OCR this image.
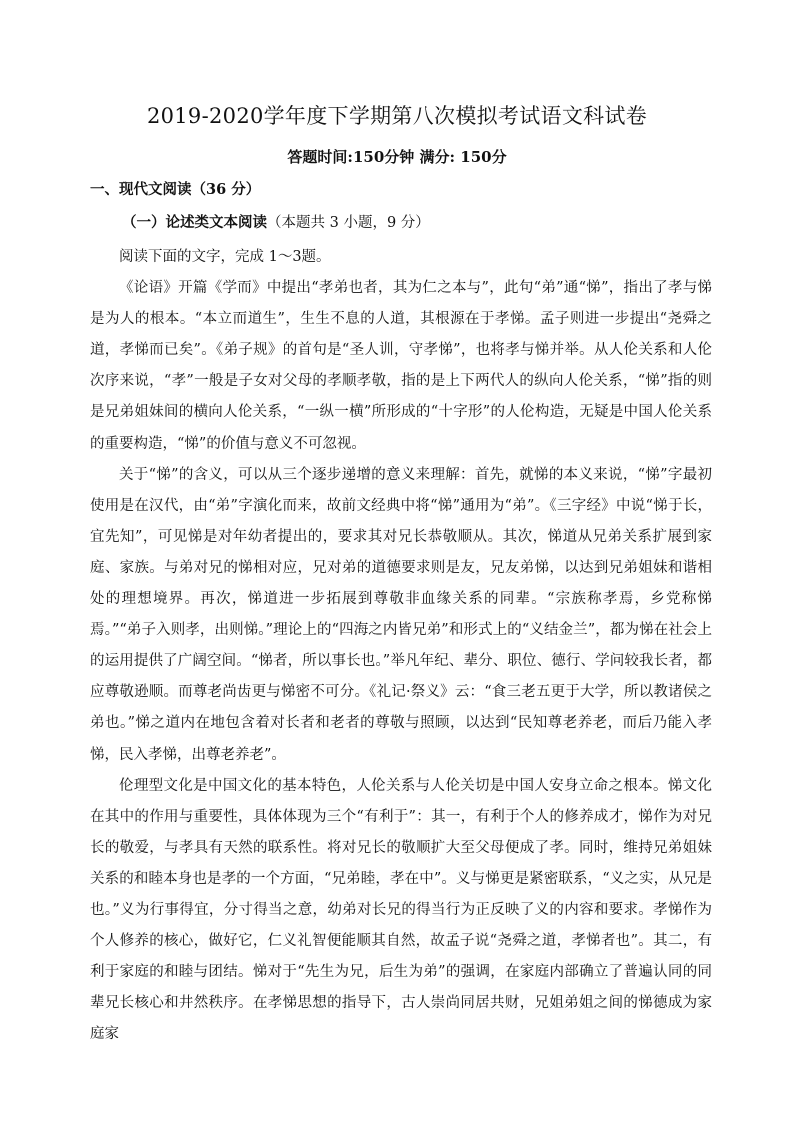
2019-2020学年度下学期第八次模拟考试语文科试卷
答题时间:150分钟 满分: 150分
一、现代文阅读（36 分）
（一）论述类文本阅读（本题共 3 小题，9 分）

阅读下面的文字，完成 1～3题。

《论语》开篇《学而》中提出“孝弟也者，其为仁之本与”，此句“弟”通“悌”，指出了孝与悌是为人的根本。“本立而道生”，生生不息的人道，其根源在于孝悌。孟子则进一步提出“尧舜之道，孝悌而已矣”。《弟子规》的首句是“圣人训，守孝悌”，也将孝与悌并举。从人伦关系和人伦次序来说，“孝”一般是子女对父母的孝顺孝敬，指的是上下两代人的纵向人伦关系，“悌”指的则是兄弟姐妹间的横向人伦关系，“一纵一横”所形成的“十字形”的人伦构造，无疑是中国人伦关系的重要构造，“悌”的价值与意义不可忽视。

关于“悌”的含义，可以从三个逐步递增的意义来理解：首先，就悌的本义来说，“悌”字最初使用是在汉代，由“弟”字演化而来，故前文经典中将“悌”通用为“弟”。《三字经》中说“悌于长，宜先知”，可见悌是对年幼者提出的，要求其对兄长恭敬顺从。其次，悌道从兄弟关系扩展到家庭、家族。与弟对兄的悌相对应，兄对弟的道德要求则是友，兄友弟悌，以达到兄弟姐妹和谐相处的理想境界。再次，悌道进一步拓展到尊敬非血缘关系的同辈。“宗族称孝焉，乡党称悌焉。”“弟子入则孝，出则悌。”理论上的“四海之内皆兄弟”和形式上的“义结金兰”，都为悌在社会上的运用提供了广阔空间。“悌者，所以事长也。”举凡年纪、辈分、职位、德行、学问较我长者，都应尊敬逊顺。而尊老尚齿更与悌密不可分。《礼记·祭义》云：“食三老五更于大学，所以教诸侯之弟也。”悌之道内在地包含着对长者和老者的尊敬与照顾，以达到“民知尊老养老，而后乃能入孝悌，民入孝悌，出尊老养老”。

伦理型文化是中国文化的基本特色，人伦关系与人伦关切是中国人安身立命之根本。悌文化在其中的作用与重要性，具体体现为三个“有利于”：其一，有利于个人的修养成才，悌作为对兄长的敬爱，与孝具有天然的联系性。将对兄长的敬顺扩大至父母便成了孝。同时，维持兄弟姐妹关系的和睦本身也是孝的一个方面，“兄弟睦，孝在中”。义与悌更是紧密联系，“义之实，从兄是也。”义为行事得宜，分寸得当之意，幼弟对长兄的得当行为正反映了义的内容和要求。孝悌作为个人修养的核心，做好它，仁义礼智便能顺其自然，故孟子说“尧舜之道，孝悌者也”。其二，有利于家庭的和睦与团结。悌对于“先生为兄，后生为弟”的强调，在家庭内部确立了普遍认同的同辈兄长核心和井然秩序。在孝悌思想的指导下，古人崇尚同居共财，兄姐弟姐之间的悌德成为家庭家
